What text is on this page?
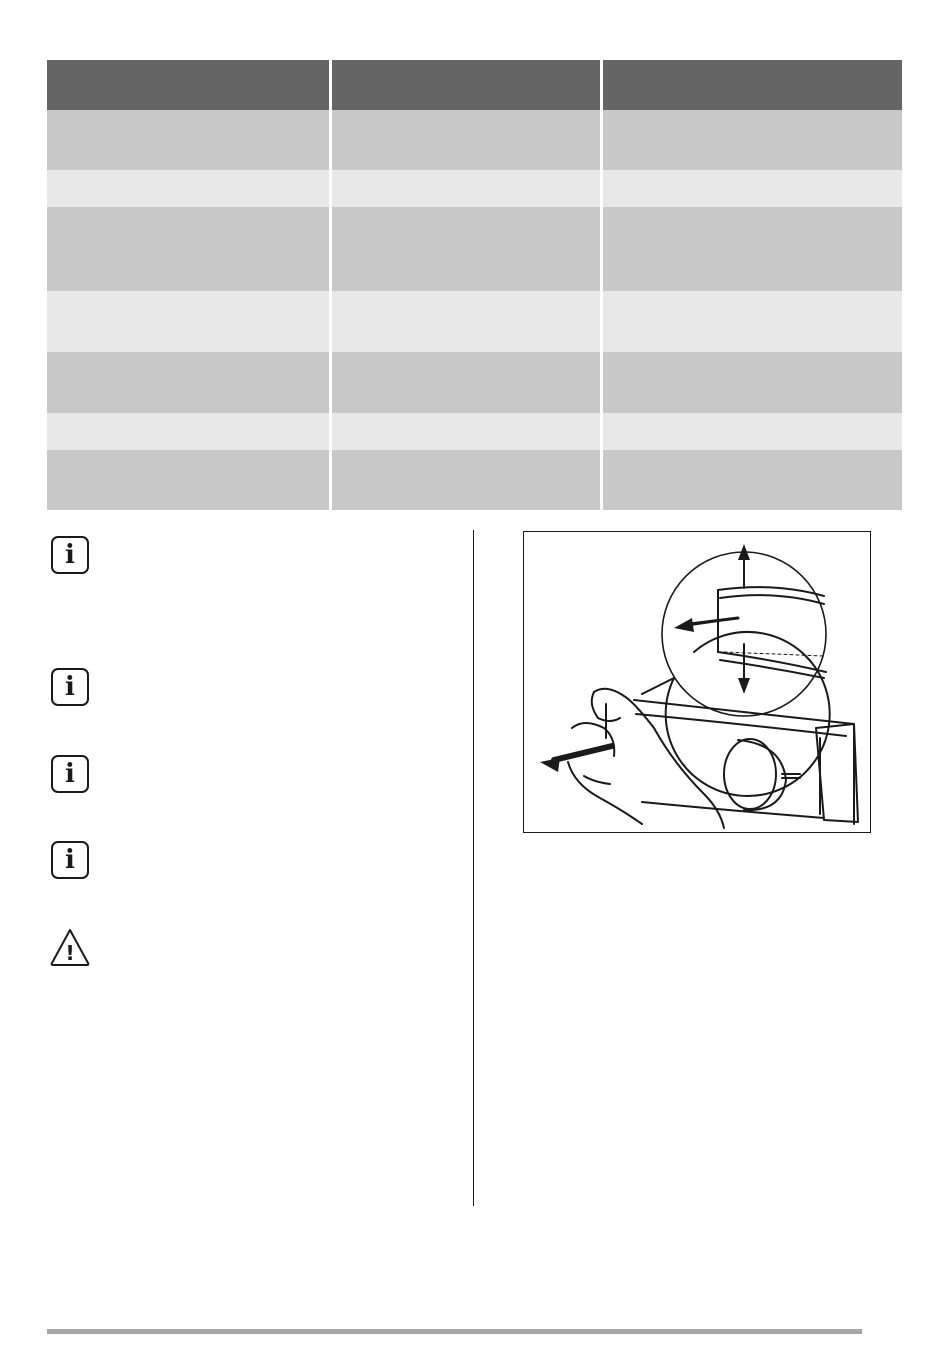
i
i
i
i
!
